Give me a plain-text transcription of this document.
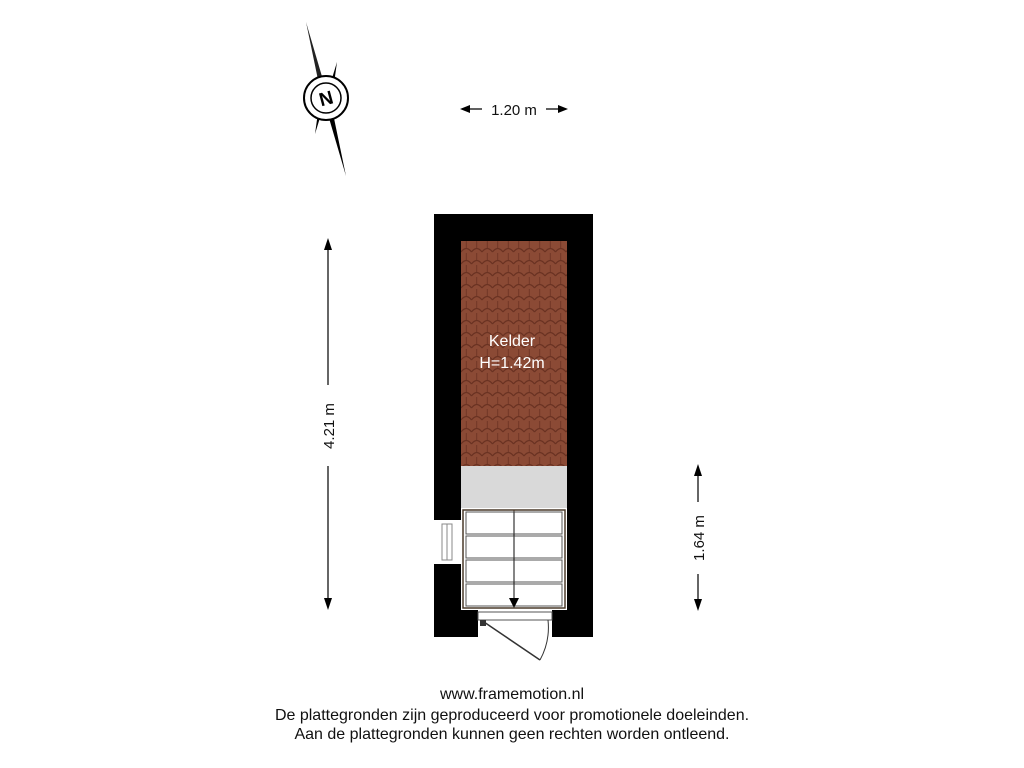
N	1.20 m
4.21 m
1.64 m
Kelder
H=1.42m
www.framemotion.nl
De plattegronden zijn geproduceerd voor promotionele doeleinden.
Aan de plattegronden kunnen geen rechten worden ontleend.
